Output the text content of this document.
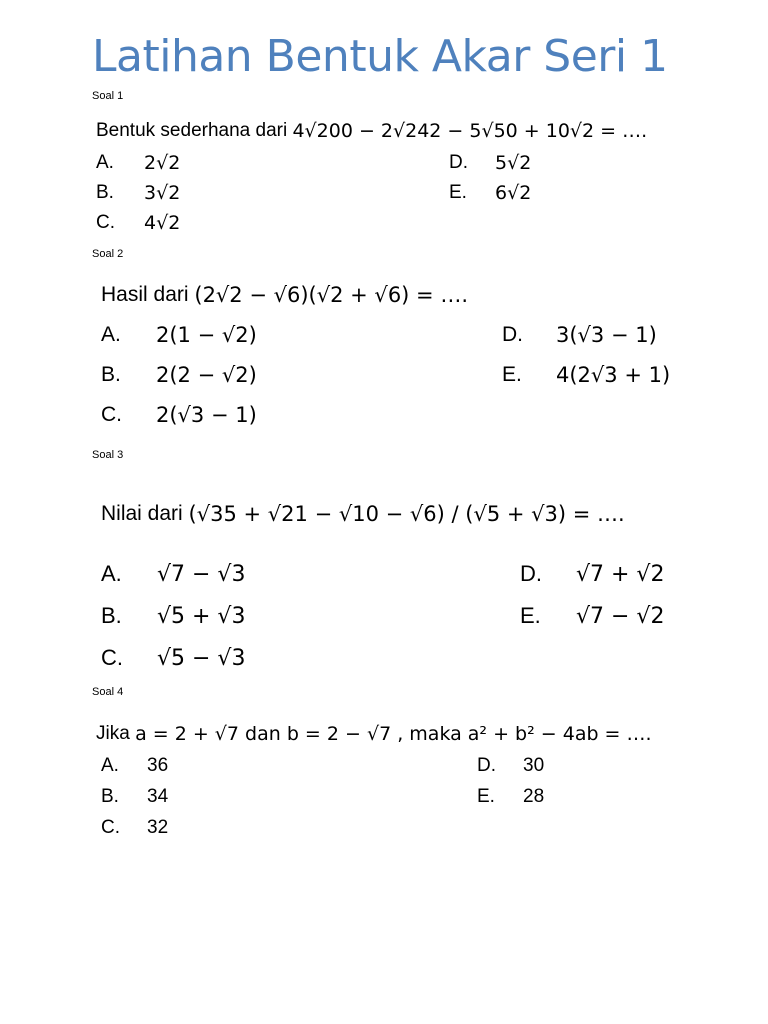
Latihan Bentuk Akar Seri 1
Soal 1
Bentuk sederhana dari
4√200 − 2√242 − 5√50 + 10√2 = ….
A.	2√2
B.	3√2
C.	4√2
D.	5√2
E.	6√2
Soal 2
Hasil dari
(2√2 − √6)(√2 + √6) = ….
A.	2(1 − √2)
B.	2(2 − √2)
C.	2(√3 − 1)
D.	3(√3 − 1)
E.	4(2√3 + 1)
Soal 3
Nilai dari
(√35 + √21 − √10 − √6) / (√5 + √3) = ….
A.	√7 − √3
B.	√5 + √3
C.	√5 − √3
D.	√7 + √2
E.	√7 − √2
Soal 4
Jika
a = 2 + √7 dan b = 2 − √7 , maka a² + b² − 4ab = ….
A.	36
B.	34
C.	32
D.	30
E.	28
